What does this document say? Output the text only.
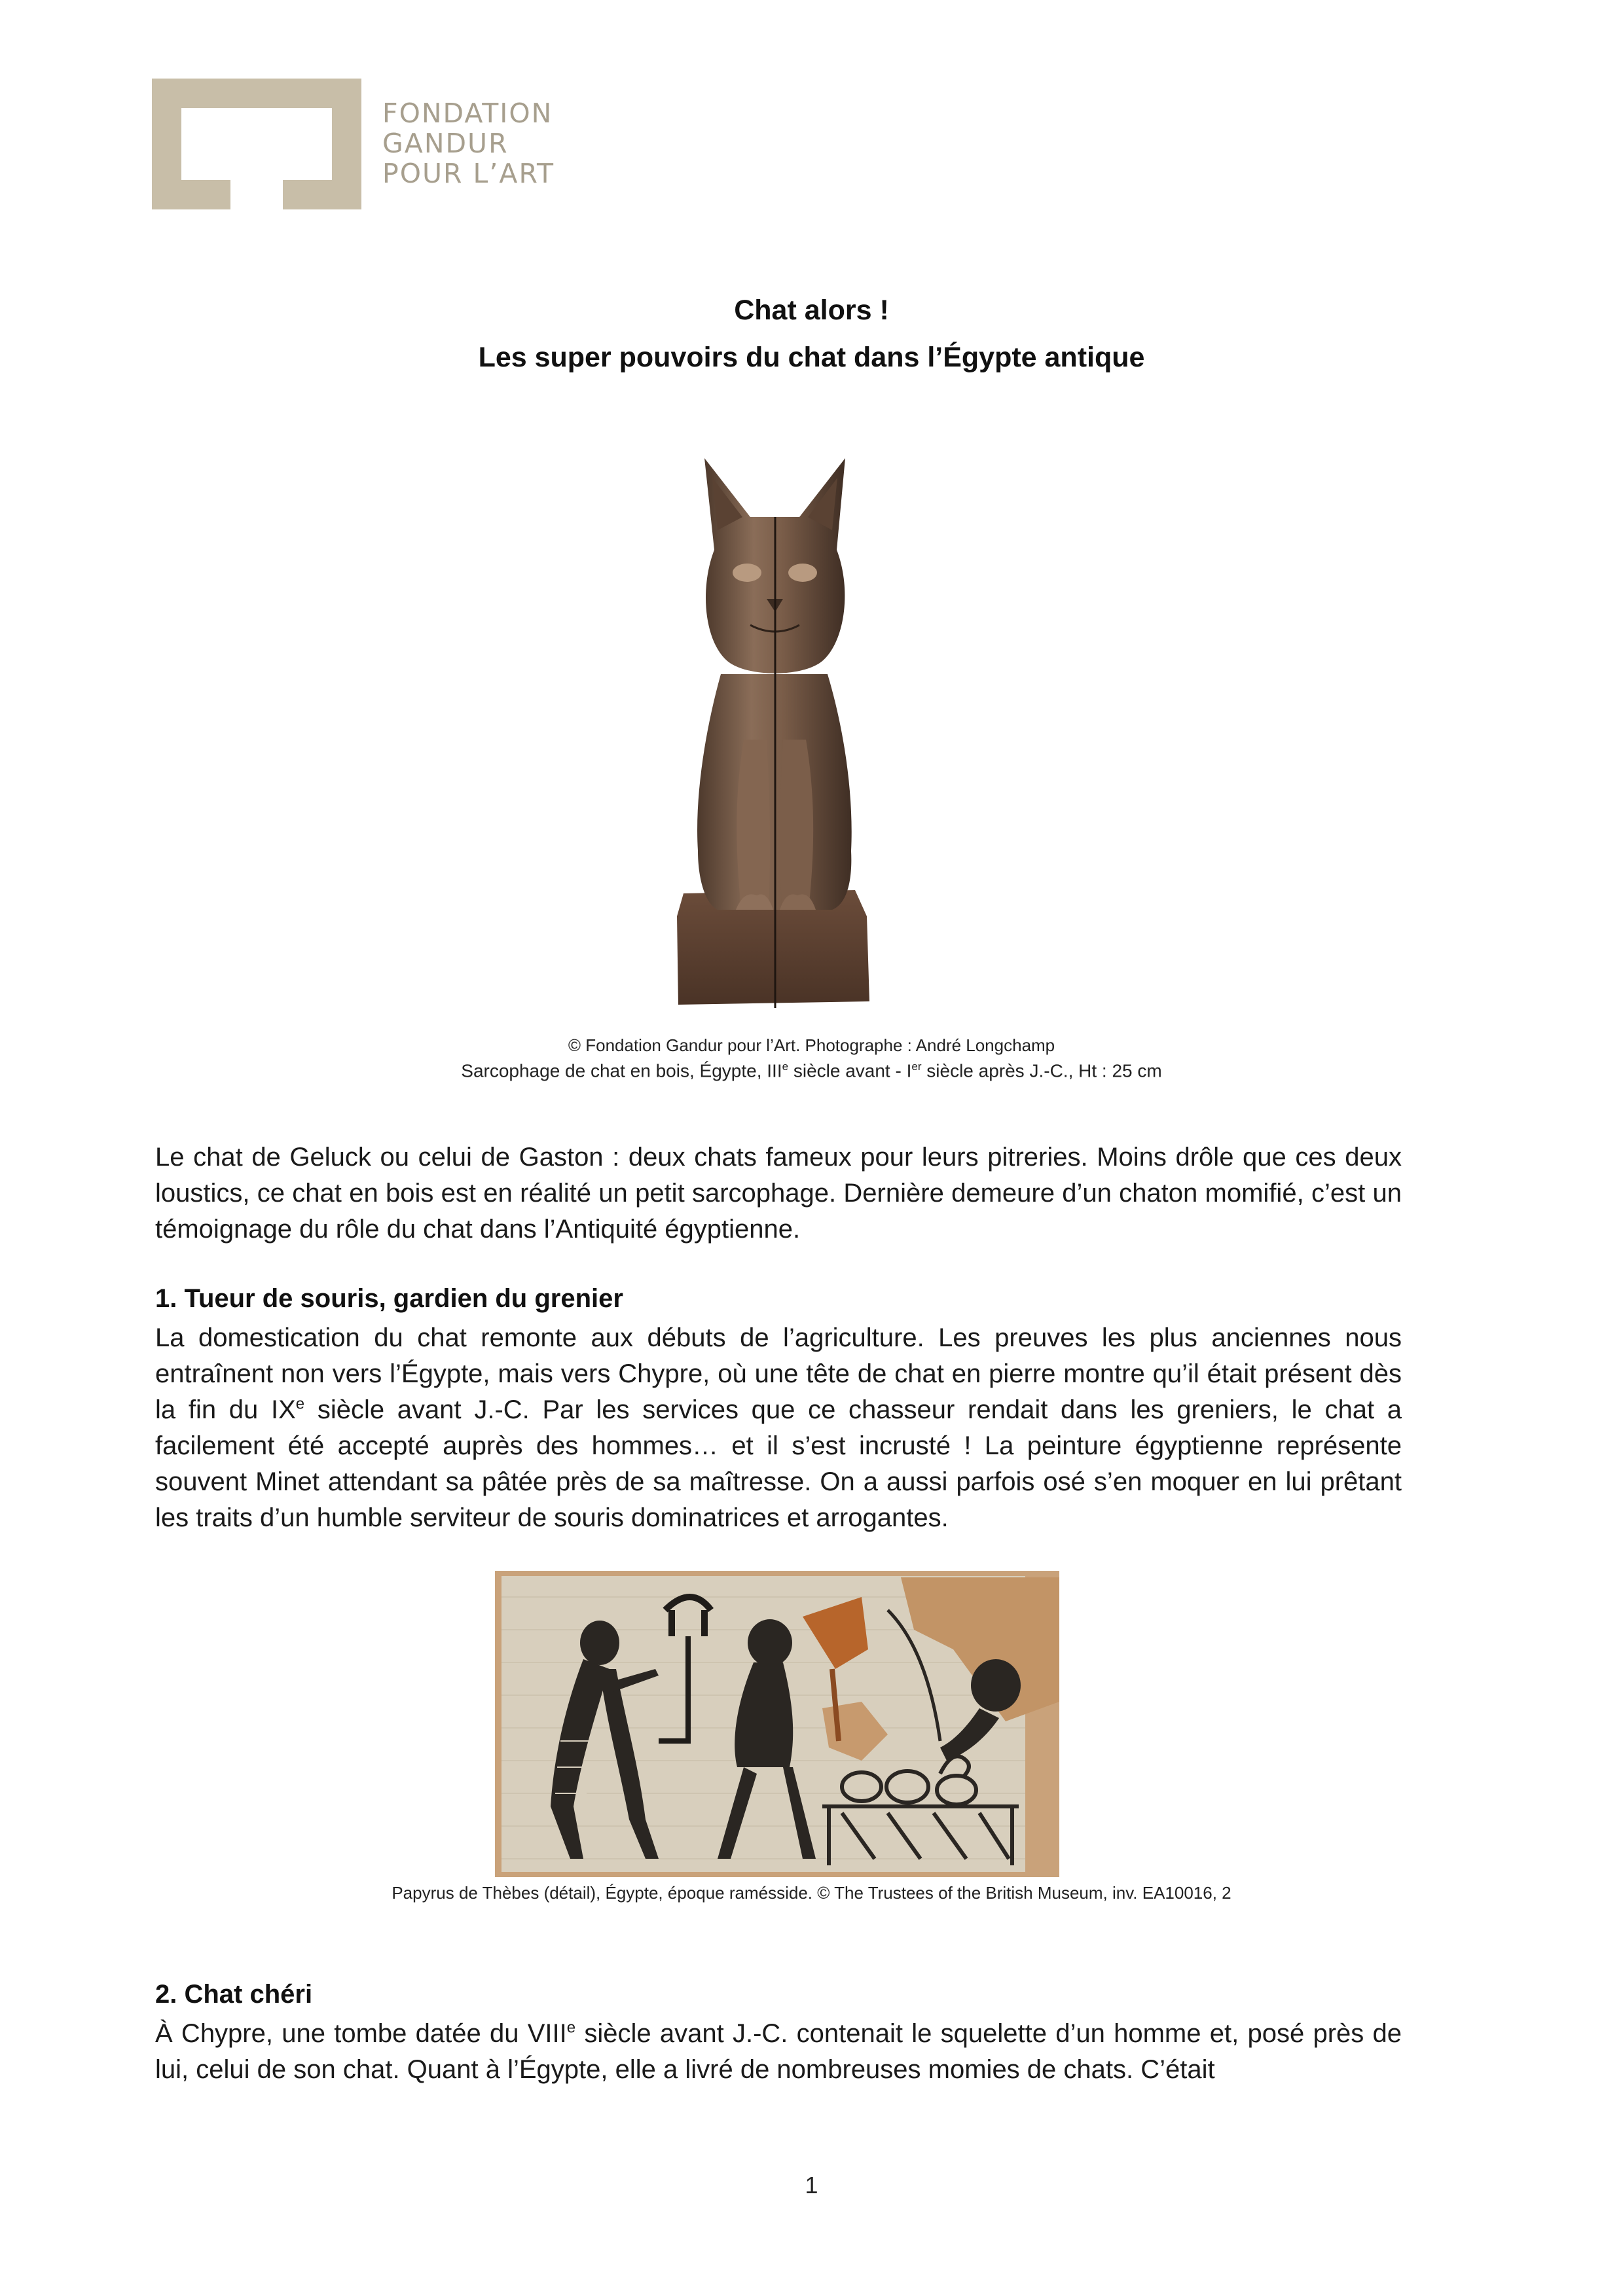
FONDATION
GANDUR
POUR L’ART
Chat alors !
Les super pouvoirs du chat dans l’Égypte antique
© Fondation Gandur pour l’Art. Photographe : André Longchamp
Sarcophage de chat en bois, Égypte, IIIe siècle avant - Ier siècle après J.-C., Ht : 25 cm
Le chat de Geluck ou celui de Gaston : deux chats fameux pour leurs pitreries. Moins drôle que ces deux loustics, ce chat en bois est en réalité un petit sarcophage. Dernière demeure d’un chaton momifié, c’est un témoignage du rôle du chat dans l’Antiquité égyptienne.
1. Tueur de souris, gardien du grenier
La domestication du chat remonte aux débuts de l’agriculture. Les preuves les plus anciennes nous entraînent non vers l’Égypte, mais vers Chypre, où une tête de chat en pierre montre qu’il était présent dès la fin du IXe siècle avant J.-C. Par les services que ce chasseur rendait dans les greniers, le chat a facilement été accepté auprès des hommes… et il s’est incrusté ! La peinture égyptienne représente souvent Minet attendant sa pâtée près de sa maîtresse. On a aussi parfois osé s’en moquer en lui prêtant les traits d’un humble serviteur de souris dominatrices et arrogantes.
Papyrus de Thèbes (détail), Égypte, époque ramésside. © The Trustees of the British Museum, inv. EA10016, 2
2. Chat chéri
À Chypre, une tombe datée du VIIIe siècle avant J.-C. contenait le squelette d’un homme et, posé près de lui, celui de son chat. Quant à l’Égypte, elle a livré de nombreuses momies de chats. C’était
1
